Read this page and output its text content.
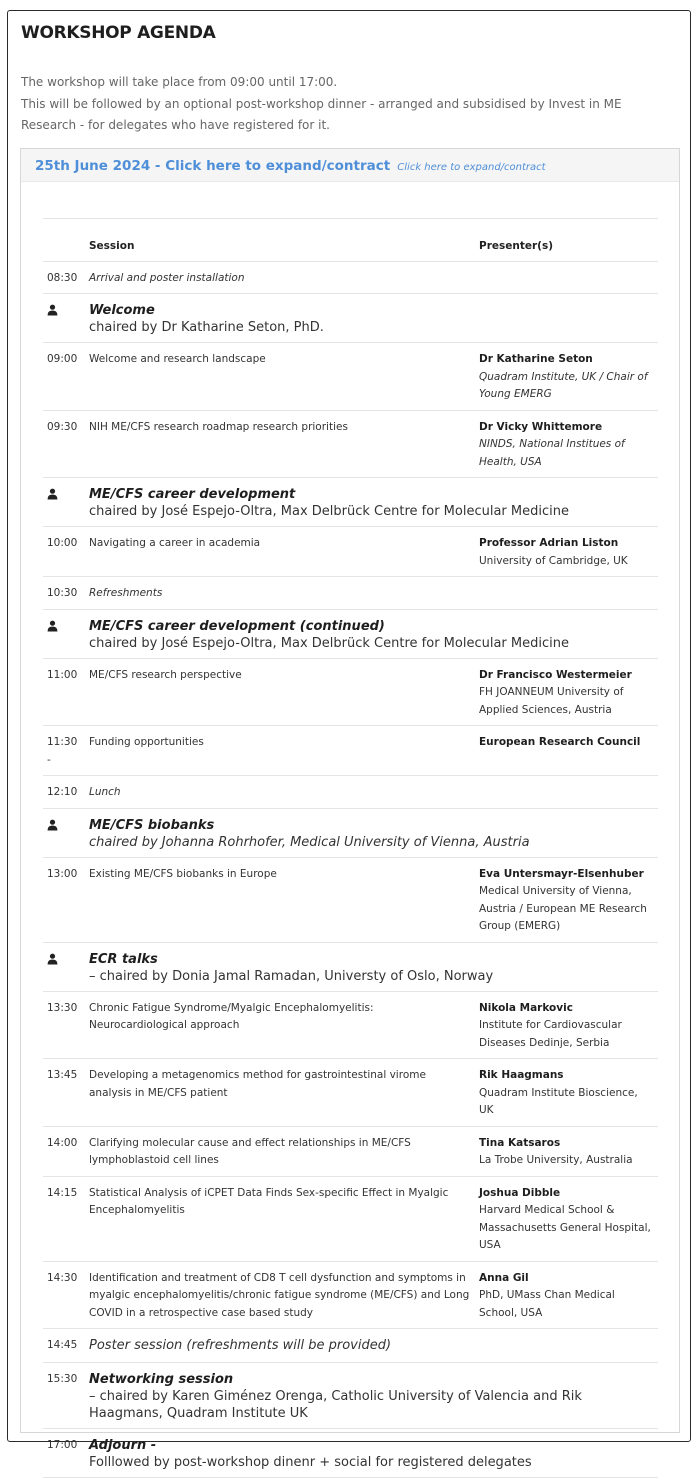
WORKSHOP AGENDA

The workshop will take place from 09:00 until 17:00.

This will be followed by an optional post-workshop dinner - arranged and subsidised by Invest in ME Research - for delegates who have registered for it.

25th June 2024 - Click here to expand/contract Click here to expand/contract
	Session	Presenter(s)
08:30	Arrival and poster installation	

Welcome
chaired by Dr Katharine Seton, PhD.	

09:00	Welcome and research landscape	Dr Katharine Seton
Quadram Institute, UK / Chair of Young EMERG

09:30	NIH ME/CFS research roadmap research priorities	Dr Vicky Whittemore
NINDS, National Institues of Health, USA

ME/CFS career development
chaired by José Espejo-Oltra, Max Delbrück Centre for Molecular Medicine	

10:00	Navigating a career in academia	Professor Adrian Liston
University of Cambridge, UK

10:30	Refreshments	

ME/CFS career development (continued)
chaired by José Espejo-Oltra, Max Delbrück Centre for Molecular Medicine	

11:00	ME/CFS research perspective	Dr Francisco Westermeier
FH JOANNEUM University of Applied Sciences, Austria

11:30 -	Funding opportunities	European Research Council

12:10	Lunch	

ME/CFS biobanks
chaired by Johanna Rohrhofer, Medical University of Vienna, Austria	

13:00	Existing ME/CFS biobanks in Europe	Eva Untersmayr-Elsenhuber
Medical University of Vienna, Austria / European ME Research Group (EMERG)

ECR talks
– chaired by Donia Jamal Ramadan, Universty of Oslo, Norway	

13:30	Chronic Fatigue Syndrome/Myalgic Encephalomyelitis: Neurocardiological approach	Nikola Markovic
Institute for Cardiovascular Diseases Dedinje, Serbia

13:45	Developing a metagenomics method for gastrointestinal virome analysis in ME/CFS patient	Rik Haagmans
Quadram Institute Bioscience, UK

14:00	Clarifying molecular cause and effect relationships in ME/CFS lymphoblastoid cell lines	Tina Katsaros
La Trobe University, Australia

14:15	Statistical Analysis of iCPET Data Finds Sex-specific Effect in Myalgic Encephalomyelitis	Joshua Dibble
Harvard Medical School & Massachusetts General Hospital, USA

14:30	Identification and treatment of CD8 T cell dysfunction and symptoms in myalgic encephalomyelitis/chronic fatigue syndrome (ME/CFS) and Long COVID in a retrospective case based study	Anna Gil
PhD, UMass Chan Medical School, USA

14:45	Poster session (refreshments will be provided)	
15:30	Networking session
– chaired by Karen Giménez Orenga, Catholic University of Valencia and Rik Haagmans, Quadram Institute UK	

17:00	Adjourn -
Folllowed by post-workshop dinenr + social for registered delegates	
